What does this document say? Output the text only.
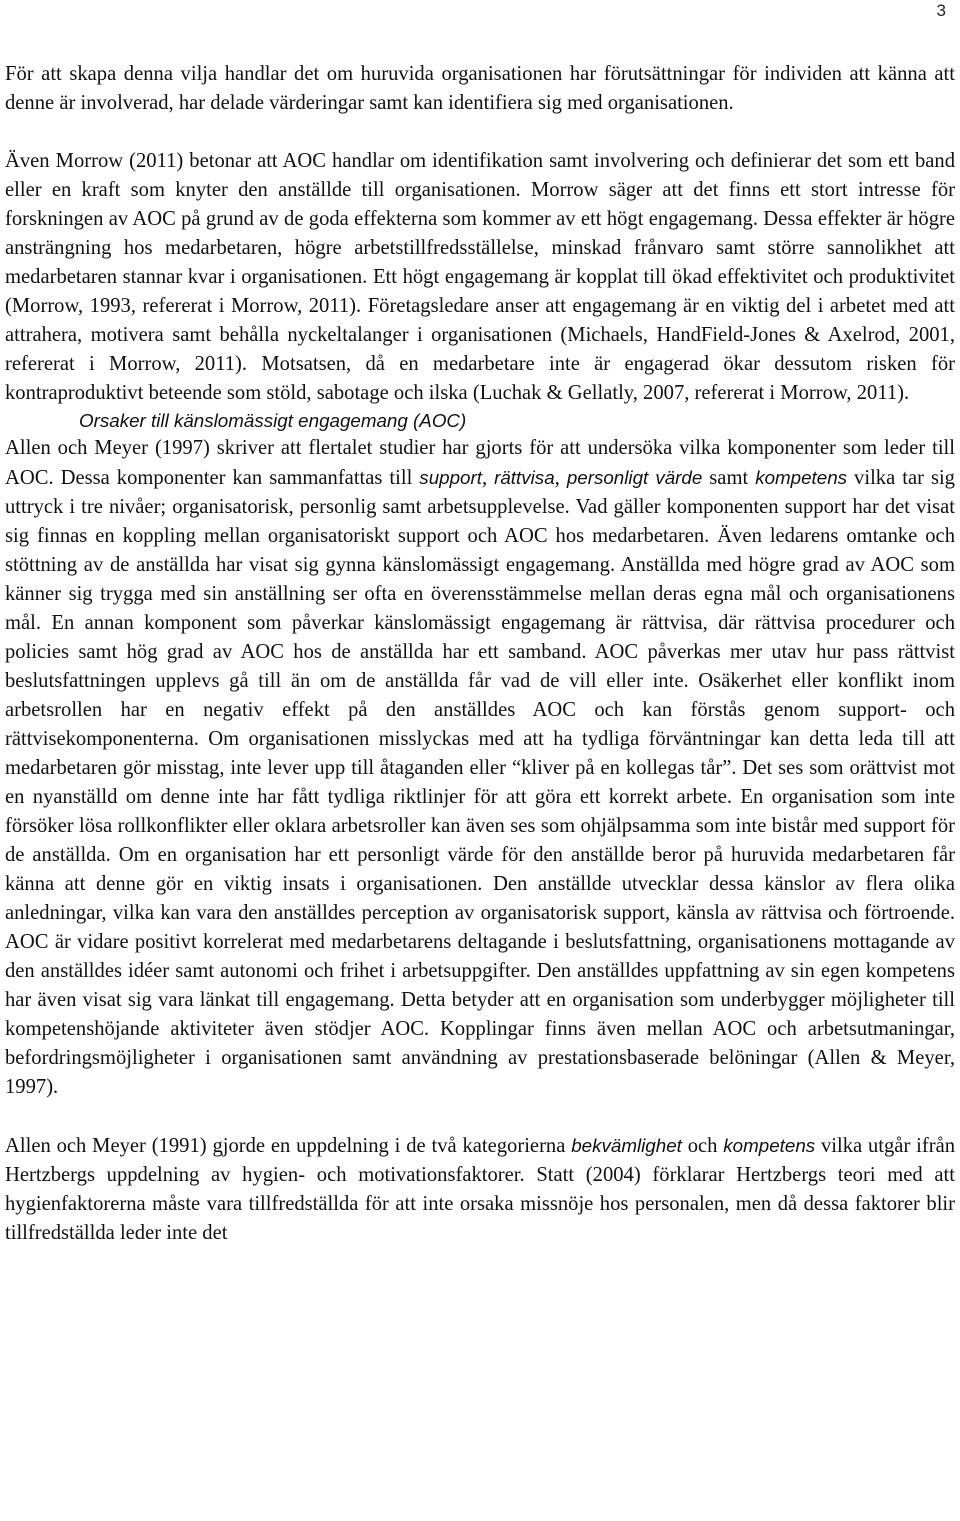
3

För att skapa denna vilja handlar det om huruvida organisationen har förutsättningar för individen att känna att denne är involverad, har delade värderingar samt kan identifiera sig med organisationen.

Även Morrow (2011) betonar att AOC handlar om identifikation samt involvering och definierar det som ett band eller en kraft som knyter den anställde till organisationen. Morrow säger att det finns ett stort intresse för forskningen av AOC på grund av de goda effekterna som kommer av ett högt engagemang. Dessa effekter är högre ansträngning hos medarbetaren, högre arbetstillfredsställelse, minskad frånvaro samt större sannolikhet att medarbetaren stannar kvar i organisationen. Ett högt engagemang är kopplat till ökad effektivitet och produktivitet (Morrow, 1993, refererat i Morrow, 2011). Företagsledare anser att engagemang är en viktig del i arbetet med att attrahera, motivera samt behålla nyckeltalanger i organisationen (Michaels, HandField-Jones & Axelrod, 2001, refererat i Morrow, 2011). Motsatsen, då en medarbetare inte är engagerad ökar dessutom risken för kontraproduktivt beteende som stöld, sabotage och ilska (Luchak & Gellatly, 2007, refererat i Morrow, 2011).

Orsaker till känslomässigt engagemang (AOC)

Allen och Meyer (1997) skriver att flertalet studier har gjorts för att undersöka vilka komponenter som leder till AOC. Dessa komponenter kan sammanfattas till support, rättvisa, personligt värde samt kompetens vilka tar sig uttryck i tre nivåer; organisatorisk, personlig samt arbetsupplevelse. Vad gäller komponenten support har det visat sig finnas en koppling mellan organisatoriskt support och AOC hos medarbetaren. Även ledarens omtanke och stöttning av de anställda har visat sig gynna känslomässigt engagemang. Anställda med högre grad av AOC som känner sig trygga med sin anställning ser ofta en överensstämmelse mellan deras egna mål och organisationens mål. En annan komponent som påverkar känslomässigt engagemang är rättvisa, där rättvisa procedurer och policies samt hög grad av AOC hos de anställda har ett samband. AOC påverkas mer utav hur pass rättvist beslutsfattningen upplevs gå till än om de anställda får vad de vill eller inte. Osäkerhet eller konflikt inom arbetsrollen har en negativ effekt på den anställdes AOC och kan förstås genom support- och rättvisekomponenterna. Om organisationen misslyckas med att ha tydliga förväntningar kan detta leda till att medarbetaren gör misstag, inte lever upp till åtaganden eller “kliver på en kollegas tår”. Det ses som orättvist mot en nyanställd om denne inte har fått tydliga riktlinjer för att göra ett korrekt arbete. En organisation som inte försöker lösa rollkonflikter eller oklara arbetsroller kan även ses som ohjälpsamma som inte bistår med support för de anställda. Om en organisation har ett personligt värde för den anställde beror på huruvida medarbetaren får känna att denne gör en viktig insats i organisationen. Den anställde utvecklar dessa känslor av flera olika anledningar, vilka kan vara den anställdes perception av organisatorisk support, känsla av rättvisa och förtroende. AOC är vidare positivt korrelerat med medarbetarens deltagande i beslutsfattning, organisationens mottagande av den anställdes idéer samt autonomi och frihet i arbetsuppgifter. Den anställdes uppfattning av sin egen kompetens har även visat sig vara länkat till engagemang. Detta betyder att en organisation som underbygger möjligheter till kompetenshöjande aktiviteter även stödjer AOC. Kopplingar finns även mellan AOC och arbetsutmaningar, befordringsmöjligheter i organisationen samt användning av prestationsbaserade belöningar (Allen & Meyer, 1997).

Allen och Meyer (1991) gjorde en uppdelning i de två kategorierna bekvämlighet och kompetens vilka utgår ifrån Hertzbergs uppdelning av hygien- och motivationsfaktorer. Statt (2004) förklarar Hertzbergs teori med att hygienfaktorerna måste vara tillfredställda för att inte orsaka missnöje hos personalen, men då dessa faktorer blir tillfredställda leder inte det
